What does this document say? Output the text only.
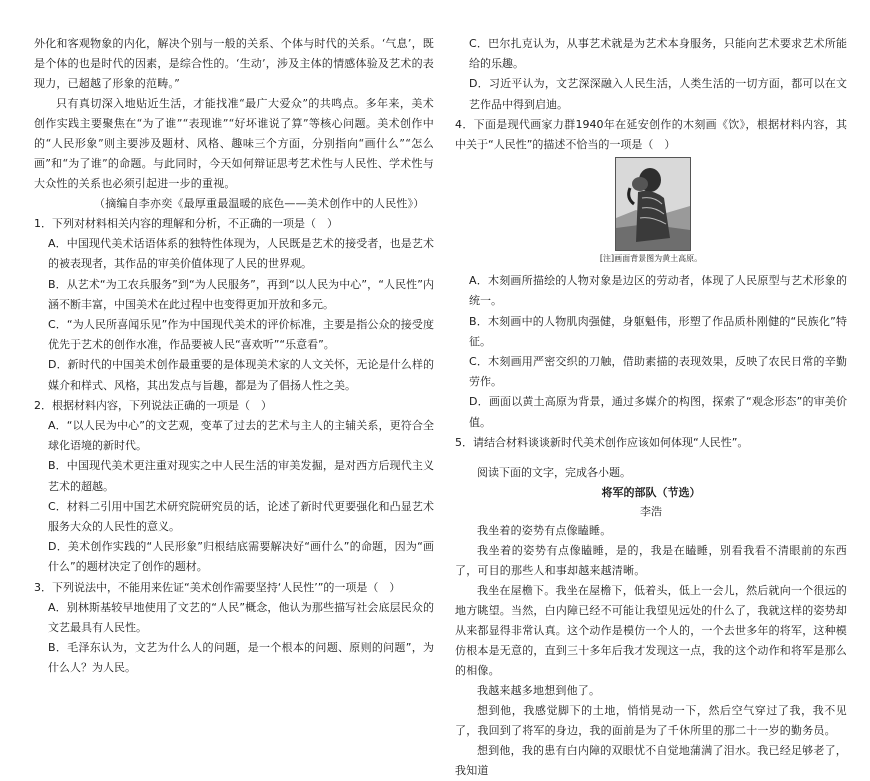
外化和客观物象的内化，解决个别与一般的关系、个体与时代的关系。‘气息’，既是个体的也是时代的因素，是综合性的。‘生动’，涉及主体的情感体验及艺术的表现力，已超越了形象的范畴。”

只有真切深入地贴近生活，才能找准“最广大爱众”的共鸣点。多年来，美术创作实践主要聚焦在“为了谁”“表现谁”“好坏谁说了算”等核心问题。美术创作中的“人民形象”则主要涉及题材、风格、趣味三个方面，分别指向“画什么”“怎么画”和“为了谁”的命题。与此同时，今天如何辩证思考艺术性与人民性、学术性与大众性的关系也必须引起进一步的重视。

（摘编自李亦奕《最厚重最温暖的底色——美术创作中的人民性》）

1．下列对材料相关内容的理解和分析，不正确的一项是（　）

A．中国现代美术话语体系的独特性体现为，人民既是艺术的接受者，也是艺术的被表现者，其作品的审美价值体现了人民的世界观。

B．从艺术“为工农兵服务”到“为人民服务”，再到“以人民为中心”，“人民性”内涵不断丰富，中国美术在此过程中也变得更加开放和多元。

C．“为人民所喜闻乐见”作为中国现代美术的评价标准，主要是指公众的接受度优先于艺术的创作水准，作品要被人民“喜欢听”“乐意看”。

D．新时代的中国美术创作最重要的是体现美术家的人文关怀，无论是什么样的媒介和样式、风格，其出发点与旨趣，都是为了倡扬人性之美。

2．根据材料内容，下列说法正确的一项是（　）

A．“以人民为中心”的文艺观，变革了过去的艺术与主人的主辅关系，更符合全球化语境的新时代。

B．中国现代美术更注重对现实之中人民生活的审美发掘，是对西方后现代主义艺术的超越。

C．材料二引用中国艺术研究院研究员的话，论述了新时代更要强化和凸显艺术服务大众的人民性的意义。

D．美术创作实践的“人民形象”归根结底需要解决好“画什么”的命题，因为“画什么”的题材决定了创作的题材。

3．下列说法中，不能用来佐证“美术创作需要坚持‘人民性’”的一项是（　）

A．别林斯基较早地使用了文艺的“人民”概念，他认为那些描写社会底层民众的文艺最具有人民性。

B．毛泽东认为，文艺为什么人的问题，是一个根本的问题、原则的问题”，为什么人？为人民。

C．巴尔扎克认为，从事艺术就是为艺术本身服务，只能向艺术要求艺术所能给的乐趣。

D．习近平认为，文艺深深融入人民生活，人类生活的一切方面，都可以在文艺作品中得到启迪。

4．下面是现代画家力群1940年在延安创作的木刻画《饮》，根据材料内容，其中关于“人民性”的描述不恰当的一项是（　）

[注]画面背景图为黄土高原。

A．木刻画所描绘的人物对象是边区的劳动者，体现了人民原型与艺术形象的统一。

B．木刻画中的人物肌肉强健，身躯魁伟，形塑了作品质朴刚健的“民族化”特征。

C．木刻画用严密交织的刀触，借助素描的表现效果，反映了农民日常的辛勤劳作。

D．画面以黄土高原为背景，通过多媒介的构图，探索了“观念形态”的审美价值。

5．请结合材料谈谈新时代美术创作应该如何体现“人民性”。

阅读下面的文字，完成各小题。

将军的部队（节选）

李浩

我坐着的姿势有点像瞌睡。

我坐着的姿势有点像瞌睡，是的，我是在瞌睡，别看我看不清眼前的东西了，可目的那些人和事却越来越清晰。

我坐在屋檐下。我坐在屋檐下，低着头，低上一会儿，然后就向一个很远的地方眺望。当然，白内障已经不可能让我望见远处的什么了，我就这样的姿势却从来都显得非常认真。这个动作是模仿一个人的，一个去世多年的将军，这种模仿根本是无意的，直到三十多年后我才发现这一点，我的这个动作和将军是那么的相像。

我越来越多地想到他了。

想到他，我感觉脚下的土地，悄悄晃动一下，然后空气穿过了我，我不见了，我回到了将军的身边，我的面前是为了千休所里的那二十一岁的勤务员。

想到他，我的患有白内障的双眼忧不自觉地蒲满了泪水。我已经足够老了，我知道
